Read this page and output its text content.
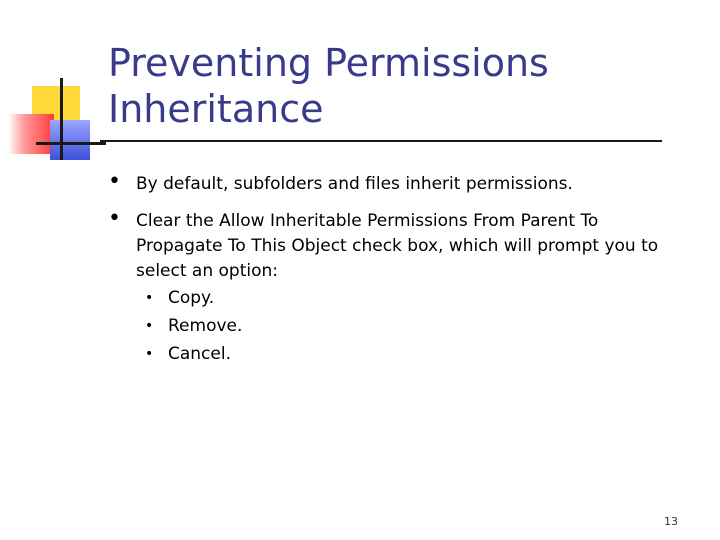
Preventing Permissions Inheritance
• By default, subfolders and files inherit permissions.
• Clear the Allow Inheritable Permissions From Parent To Propagate To This Object check box, which will prompt you to select an option:
• Copy.
• Remove.
• Cancel.
13
